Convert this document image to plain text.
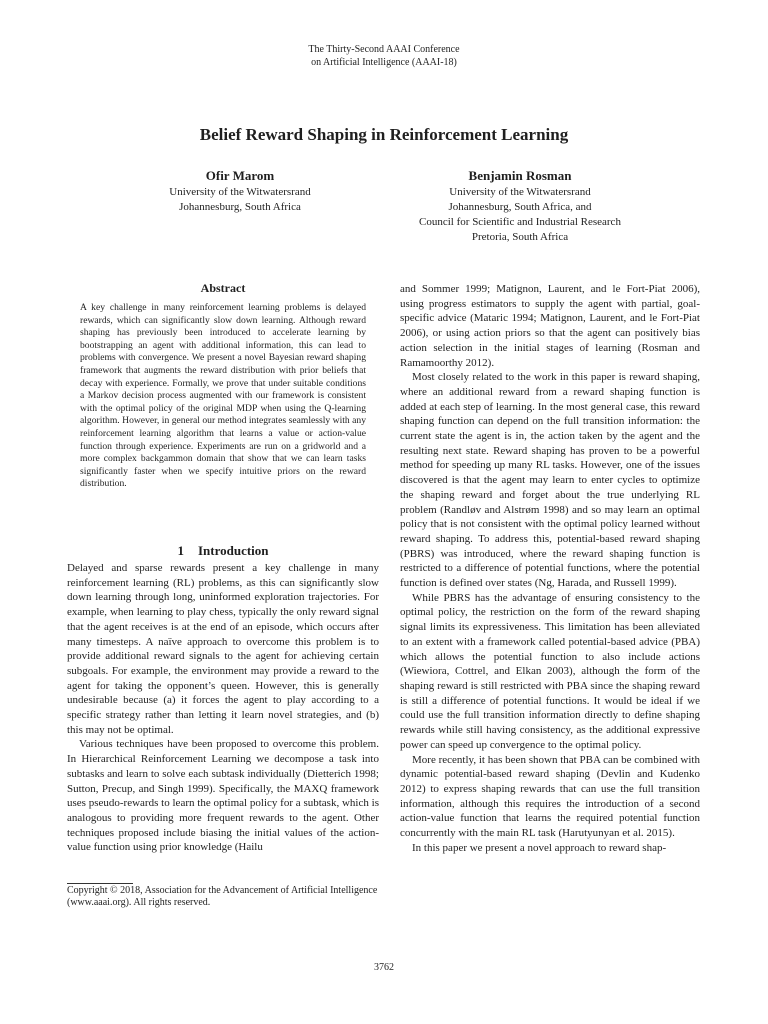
The Thirty-Second AAAI Conference
on Artificial Intelligence (AAAI-18)
Belief Reward Shaping in Reinforcement Learning
Ofir Marom
University of the Witwatersrand
Johannesburg, South Africa
Benjamin Rosman
University of the Witwatersrand
Johannesburg, South Africa, and
Council for Scientific and Industrial Research
Pretoria, South Africa
Abstract

A key challenge in many reinforcement learning problems is delayed rewards, which can significantly slow down learning. Although reward shaping has previously been introduced to accelerate learning by bootstrapping an agent with additional information, this can lead to problems with convergence. We present a novel Bayesian reward shaping framework that augments the reward distribution with prior beliefs that decay with experience. Formally, we prove that under suitable conditions a Markov decision process augmented with our framework is consistent with the optimal policy of the original MDP when using the Q-learning algorithm. However, in general our method integrates seamlessly with any reinforcement learning algorithm that learns a value or action-value function through experience. Experiments are run on a gridworld and a more complex backgammon domain that show that we can learn tasks significantly faster when we specify intuitive priors on the reward distribution.

1 Introduction

Delayed and sparse rewards present a key challenge in many reinforcement learning (RL) problems, as this can significantly slow down learning through long, uninformed exploration trajectories. For example, when learning to play chess, typically the only reward signal that the agent receives is at the end of an episode, which occurs after many timesteps. A naïve approach to overcome this problem is to provide additional reward signals to the agent for achieving certain subgoals. For example, the environment may provide a reward to the agent for taking the opponent’s queen. However, this is generally undesirable because (a) it forces the agent to play according to a specific strategy rather than letting it learn novel strategies, and (b) this may not be optimal.

Various techniques have been proposed to overcome this problem. In Hierarchical Reinforcement Learning we decompose a task into subtasks and learn to solve each subtask individually (Dietterich 1998; Sutton, Precup, and Singh 1999). Specifically, the MAXQ framework uses pseudo-rewards to learn the optimal policy for a subtask, which is analogous to providing more frequent rewards to the agent. Other techniques proposed include biasing the initial values of the action-value function using prior knowledge (Hailu

Copyright © 2018, Association for the Advancement of Artificial Intelligence (www.aaai.org). All rights reserved.

and Sommer 1999; Matignon, Laurent, and le Fort-Piat 2006), using progress estimators to supply the agent with partial, goal-specific advice (Mataric 1994; Matignon, Laurent, and le Fort-Piat 2006), or using action priors so that the agent can positively bias action selection in the initial stages of learning (Rosman and Ramamoorthy 2012).

Most closely related to the work in this paper is reward shaping, where an additional reward from a reward shaping function is added at each step of learning. In the most general case, this reward shaping function can depend on the full transition information: the current state the agent is in, the action taken by the agent and the resulting next state. Reward shaping has proven to be a powerful method for speeding up many RL tasks. However, one of the issues discovered is that the agent may learn to enter cycles to optimize the shaping reward and forget about the true underlying RL problem (Randløv and Alstrøm 1998) and so may learn an optimal policy that is not consistent with the optimal policy learned without reward shaping. To address this, potential-based reward shaping (PBRS) was introduced, where the reward shaping function is restricted to a difference of potential functions, where the potential function is defined over states (Ng, Harada, and Russell 1999).

While PBRS has the advantage of ensuring consistency to the optimal policy, the restriction on the form of the reward shaping signal limits its expressiveness. This limitation has been alleviated to an extent with a framework called potential-based advice (PBA) which allows the potential function to also include actions (Wiewiora, Cottrel, and Elkan 2003), although the form of the shaping reward is still restricted with PBA since the shaping reward is still a difference of potential functions. It would be ideal if we could use the full transition information directly to define shaping rewards while still having consistency, as the additional expressive power can speed up convergence to the optimal policy.

More recently, it has been shown that PBA can be combined with dynamic potential-based reward shaping (Devlin and Kudenko 2012) to express shaping rewards that can use the full transition information, although this requires the introduction of a second action-value function that learns the required potential function concurrently with the main RL task (Harutyunyan et al. 2015).

In this paper we present a novel approach to reward shap-

3762
